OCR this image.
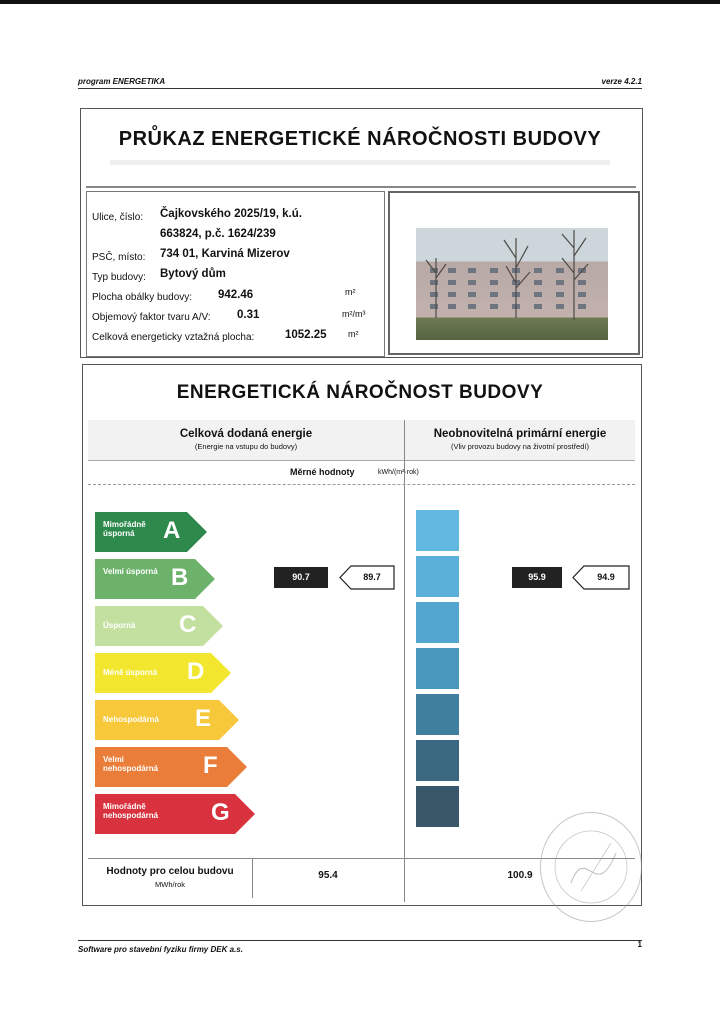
program ENERGETIKA	verze 4.2.1
PRŮKAZ ENERGETICKÉ NÁROČNOSTI BUDOVY
Ulice, číslo: Čajkovského 2025/19, k.ú.
663824, p.č. 1624/239
PSČ, místo: 734 01, Karviná Mizerov
Typ budovy: Bytový dům
Plocha obálky budovy: 942.46	m²
Objemový faktor tvaru A/V: 0.31	m²/m³
Celková energeticky vztažná plocha:	1052.25 m²
ENERGETICKÁ NÁROČNOST BUDOVY
Celková dodaná energie
(Energie na vstupu do budovy)
Neobnovitelná primární energie
(Vliv provozu budovy na životní prostředí)
Měrné hodnoty	kWh/(m²·rok)
Mimořádně úsporná	A
Velmi úsporná B
Úsporná	C
Méně úsporná	D
Nehospodárná	E
Velmi nehospodárná	F
Mimořádně nehospodárná	G
90.7	89.7	95.9	94.9
Hodnoty pro celou budovu
MWh/rok
95.4	100.9
Software pro stavební fyziku firmy DEK a.s.
1
